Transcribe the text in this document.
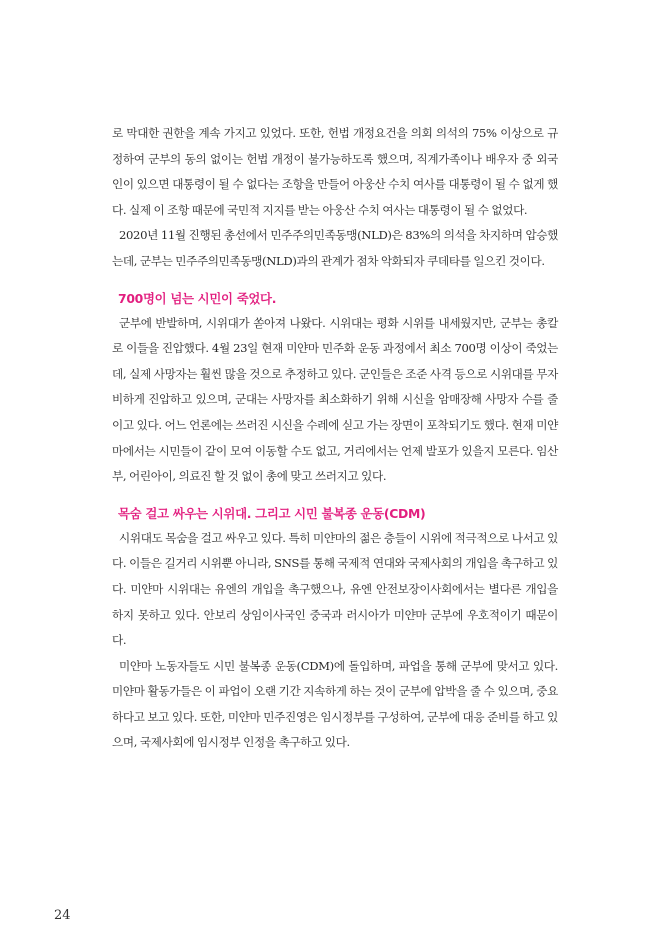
로 막대한 권한을 계속 가지고 있었다. 또한, 헌법 개정요건을 의회 의석의 75% 이상으로 규정하여 군부의 동의 없이는 헌법 개정이 불가능하도록 했으며, 직계가족이나 배우자 중 외국인이 있으면 대통령이 될 수 없다는 조항을 만들어 아웅산 수치 여사를 대통령이 될 수 없게 했다. 실제 이 조항 때문에 국민적 지지를 받는 아웅산 수치 여사는 대통령이 될 수 없었다.

2020년 11월 진행된 총선에서 민주주의민족동맹(NLD)은 83%의 의석을 차지하며 압승했는데, 군부는 민주주의민족동맹(NLD)과의 관계가 점차 악화되자 쿠데타를 일으킨 것이다.

700명이 넘는 시민이 죽었다.

군부에 반발하며, 시위대가 쏟아져 나왔다. 시위대는 평화 시위를 내세웠지만, 군부는 총칼로 이들을 진압했다. 4월 23일 현재 미얀마 민주화 운동 과정에서 최소 700명 이상이 죽었는데, 실제 사망자는 훨씬 많을 것으로 추정하고 있다. 군인들은 조준 사격 등으로 시위대를 무자비하게 진압하고 있으며, 군대는 사망자를 최소화하기 위해 시신을 암매장해 사망자 수를 줄이고 있다. 어느 언론에는 쓰러진 시신을 수레에 싣고 가는 장면이 포착되기도 했다. 현재 미얀마에서는 시민들이 같이 모여 이동할 수도 없고, 거리에서는 언제 발포가 있을지 모른다. 임산부, 어린아이, 의료진 할 것 없이 총에 맞고 쓰러지고 있다.

목숨 걸고 싸우는 시위대. 그리고 시민 불복종 운동(CDM)

시위대도 목숨을 걸고 싸우고 있다. 특히 미얀마의 젊은 층들이 시위에 적극적으로 나서고 있다. 이들은 길거리 시위뿐 아니라, SNS를 통해 국제적 연대와 국제사회의 개입을 촉구하고 있다. 미얀마 시위대는 유엔의 개입을 촉구했으나, 유엔 안전보장이사회에서는 별다른 개입을 하지 못하고 있다. 안보리 상임이사국인 중국과 러시아가 미얀마 군부에 우호적이기 때문이다.

미얀마 노동자들도 시민 불복종 운동(CDM)에 돌입하며, 파업을 통해 군부에 맞서고 있다. 미얀마 활동가들은 이 파업이 오랜 기간 지속하게 하는 것이 군부에 압박을 줄 수 있으며, 중요하다고 보고 있다. 또한, 미얀마 민주진영은 임시정부를 구성하여, 군부에 대응 준비를 하고 있으며, 국제사회에 임시정부 인정을 촉구하고 있다.

24
